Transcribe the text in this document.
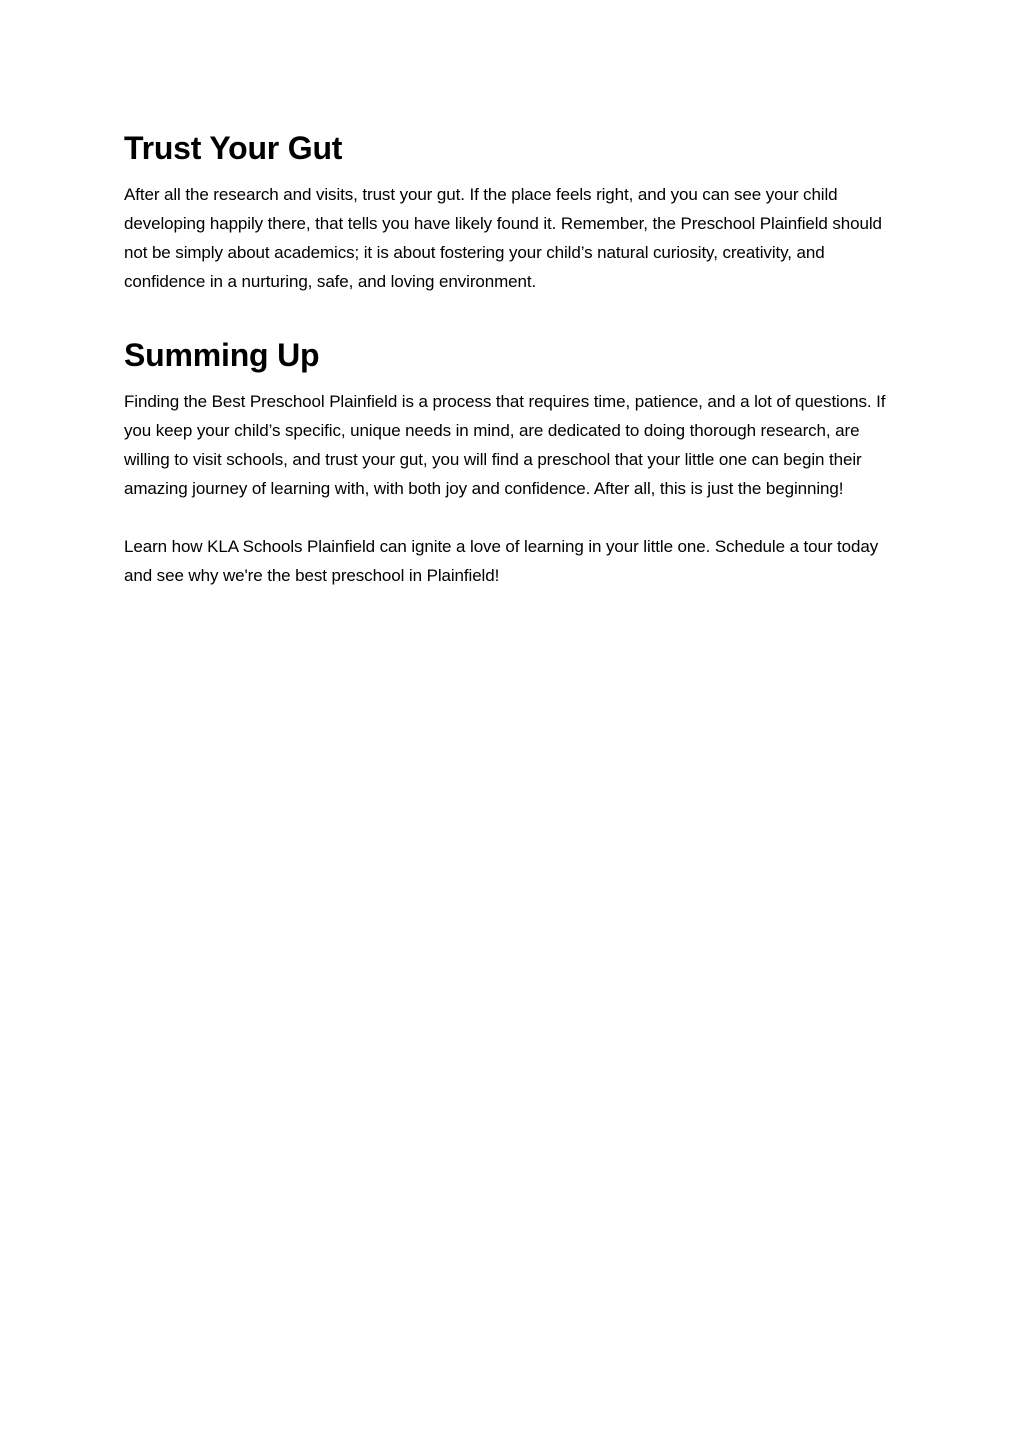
Trust Your Gut

After all the research and visits, trust your gut. If the place feels right, and you can see your child developing happily there, that tells you have likely found it. Remember, the Preschool Plainfield should not be simply about academics; it is about fostering your child’s natural curiosity, creativity, and confidence in a nurturing, safe, and loving environment.

Summing Up

Finding the Best Preschool Plainfield is a process that requires time, patience, and a lot of questions. If you keep your child’s specific, unique needs in mind, are dedicated to doing thorough research, are willing to visit schools, and trust your gut, you will find a preschool that your little one can begin their amazing journey of learning with, with both joy and confidence. After all, this is just the beginning!

Learn how KLA Schools Plainfield can ignite a love of learning in your little one. Schedule a tour today and see why we're the best preschool in Plainfield!
